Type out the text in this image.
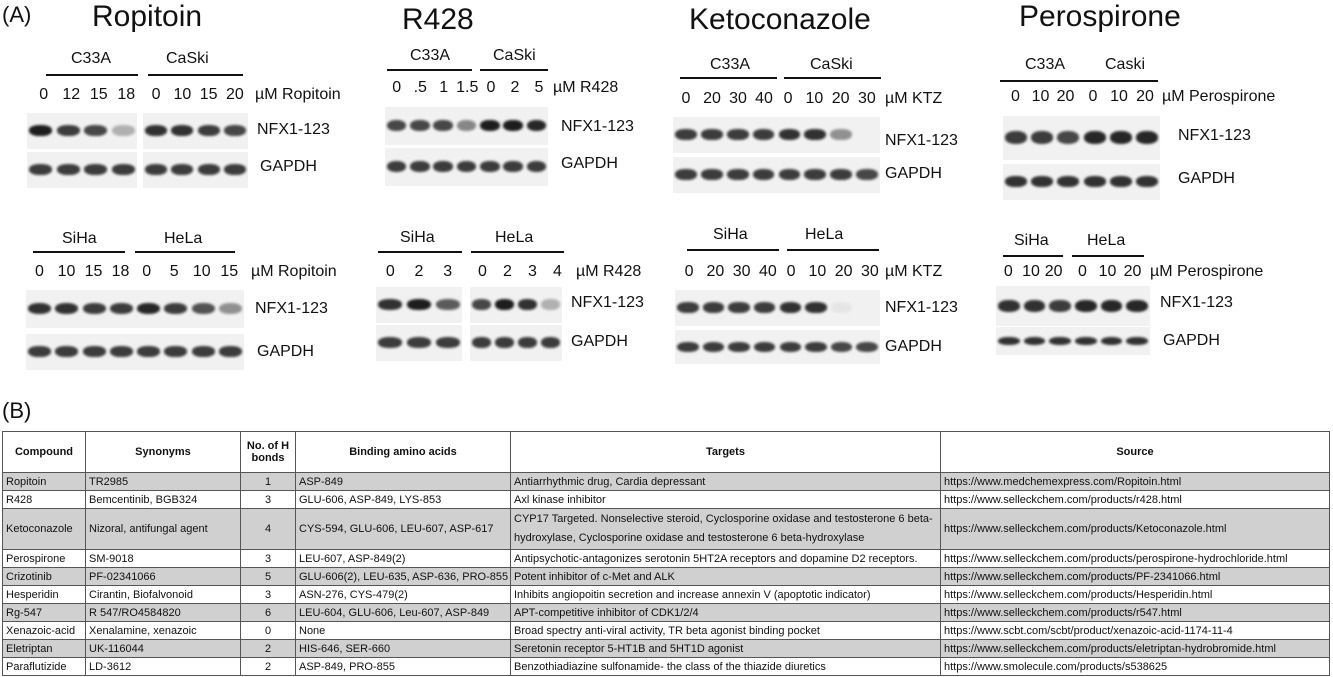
(A) Ropitoin	R428	Ketoconazole	Perospirone
C33A	CaSki
0 12 15 18 0 10 15 20 µM Ropitoin
NFX1-123
GAPDH
SiHa	HeLa
0 10 15 18 0 5 10 15 µM Ropitoin
NFX1-123
GAPDH
C33A	CaSki
0 .5 1 1.5 0 2 5 µM R428
NFX1-123
GAPDH
SiHa	HeLa
0 2 3 0 2 3 4 µM R428
NFX1-123
GAPDH
C33A	CaSki
0 20 30 40 0 10 20 30 µM KTZ
NFX1-123
GAPDH
SiHa	HeLa
0 20 30 40 0 10 20 30 µM KTZ
NFX1-123
GAPDH
C33A Caski
0 10 20 0 10 20 µM Perospirone
NFX1-123
GAPDH
SiHa HeLa
0 10 20 0 10 20 µM Perospirone
NFX1-123
GAPDH
(B)
Compound	Synonyms	No. of H bonds	Binding amino acids	Targets	Source
Ropitoin	TR2985	1	ASP-849	Antiarrhythmic drug, Cardia depressant	https://www.medchemexpress.com/Ropitoin.html
R428	Bemcentinib, BGB324	3	GLU-606, ASP-849, LYS-853	Axl kinase inhibitor	https://www.selleckchem.com/products/r428.html
Ketoconazole	Nizoral, antifungal agent	4	CYS-594, GLU-606, LEU-607, ASP-617	CYP17 Targeted. Nonselective steroid, Cyclosporine oxidase and testosterone 6 beta-hydroxylase, Cyclosporine oxidase and testosterone 6 beta-hydroxylase	https://www.selleckchem.com/products/Ketoconazole.html
Perospirone	SM-9018	3	LEU-607, ASP-849(2)	Antipsychotic-antagonizes serotonin 5HT2A receptors and dopamine D2 receptors.	https://www.selleckchem.com/products/perospirone-hydrochloride.html
Crizotinib	PF-02341066	5	GLU-606(2), LEU-635, ASP-636, PRO-855	Potent inhibitor of c-Met and ALK	https://www.selleckchem.com/products/PF-2341066.html
Hesperidin	Cirantin, Biofalvonoid	3	ASN-276, CYS-479(2)	Inhibits angiopoitin secretion and increase annexin V (apoptotic indicator)	https://www.selleckchem.com/products/Hesperidin.html
Rg-547	R 547/RO4584820	6	LEU-604, GLU-606, Leu-607, ASP-849	APT-competitive inhibitor of CDK1/2/4	https://www.selleckchem.com/products/r547.html
Xenazoic-acid	Xenalamine, xenazoic	0	None	Broad spectry anti-viral activity, TR beta agonist binding pocket	https://www.scbt.com/scbt/product/xenazoic-acid-1174-11-4
Eletriptan	UK-116044	2	HIS-646, SER-660	Seretonin receptor 5-HT1B and 5HT1D agonist	https://www.selleckchem.com/products/eletriptan-hydrobromide.html
Paraflutizide	LD-3612	2	ASP-849, PRO-855	Benzothiadiazine sulfonamide- the class of the thiazide diuretics	https://www.smolecule.com/products/s538625
